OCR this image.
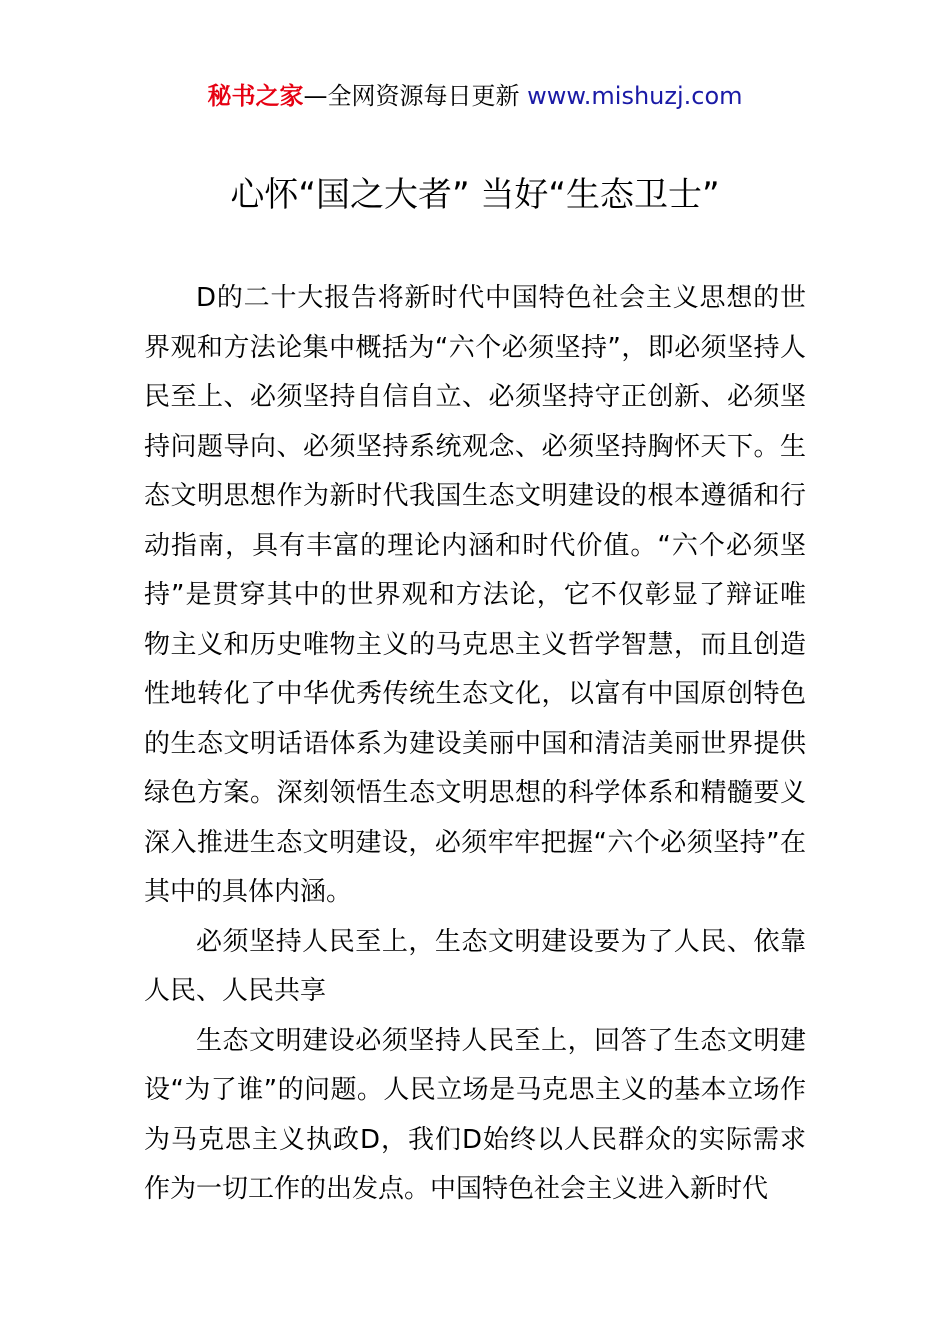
秘书之家—全网资源每日更新 www.mishuzj.com
心怀“国之大者” 当好“生态卫士”

D的二十大报告将新时代中国特色社会主义思想的世界观和方法论集中概括为“六个必须坚持”，即必须坚持人民至上、必须坚持自信自立、必须坚持守正创新、必须坚持问题导向、必须坚持系统观念、必须坚持胸怀天下。生态文明思想作为新时代我国生态文明建设的根本遵循和行动指南，具有丰富的理论内涵和时代价值。“六个必须坚持”是贯穿其中的世界观和方法论，它不仅彰显了辩证唯物主义和历史唯物主义的马克思主义哲学智慧，而且创造性地转化了中华优秀传统生态文化，以富有中国原创特色的生态文明话语体系为建设美丽中国和清洁美丽世界提供绿色方案。深刻领悟生态文明思想的科学体系和精髓要义深入推进生态文明建设，必须牢牢把握“六个必须坚持”在其中的具体内涵。

必须坚持人民至上，生态文明建设要为了人民、依靠人民、人民共享

生态文明建设必须坚持人民至上，回答了生态文明建设“为了谁”的问题。人民立场是马克思主义的基本立场作为马克思主义执政D，我们D始终以人民群众的实际需求作为一切工作的出发点。中国特色社会主义进入新时代
